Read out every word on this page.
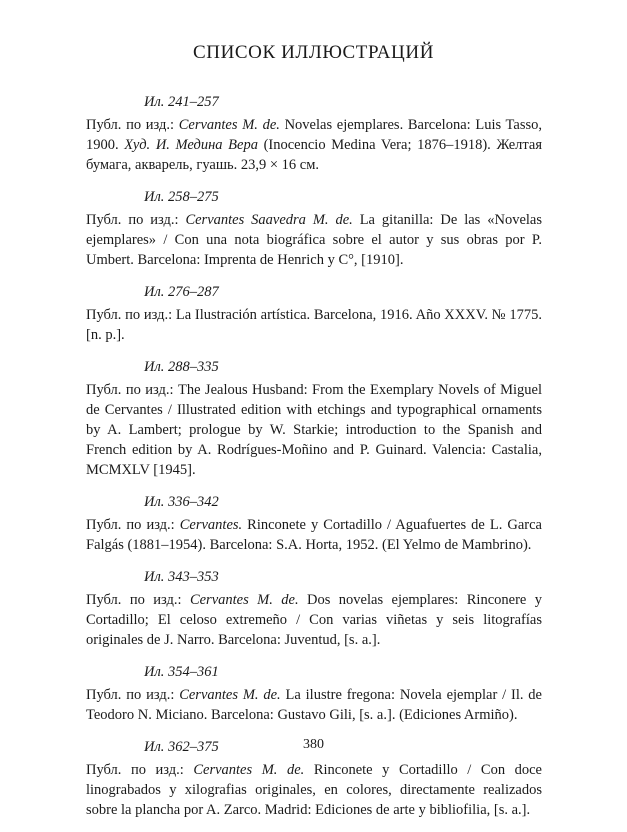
СПИСОК ИЛЛЮСТРАЦИЙ
Ил. 241–257
Публ. по изд.: Cervantes M. de. Novelas ejemplares. Barcelona: Luis Tasso, 1900. Худ. И. Медина Вера (Inocencio Medina Vera; 1876–1918). Желтая бумага, акварель, гуашь. 23,9 × 16 см.
Ил. 258–275
Публ. по изд.: Cervantes Saavedra M. de. La gitanilla: De las «Novelas ejemplares» / Con una nota biográfica sobre el autor y sus obras por P. Umbert. Barcelona: Imprenta de Henrich y C°, [1910].
Ил. 276–287
Публ. по изд.: La Ilustración artística. Barcelona, 1916. Año XXXV. № 1775. [n. p.].
Ил. 288–335
Публ. по изд.: The Jealous Husband: From the Exemplary Novels of Miguel de Cervantes / Illustrated edition with etchings and typographical ornaments by A. Lambert; prologue by W. Starkie; introduction to the Spanish and French edition by A. Rodrígues-Moñino and P. Guinard. Valencia: Castalia, MCMXLV [1945].
Ил. 336–342
Публ. по изд.: Cervantes. Rinconete y Cortadillo / Aguafuertes de L. Garca Falgás (1881–1954). Barcelona: S.A. Horta, 1952. (El Yelmo de Mambrino).
Ил. 343–353
Публ. по изд.: Cervantes M. de. Dos novelas ejemplares: Rinconere y Cortadillo; El celoso extremeño / Con varias viñetas y seis litografías originales de J. Narro. Barcelona: Juventud, [s. a.].
Ил. 354–361
Публ. по изд.: Cervantes M. de. La ilustre fregona: Novela ejemplar / Il. de Teodoro N. Miciano. Barcelona: Gustavo Gili, [s. a.]. (Ediciones Armiño).
Ил. 362–375
Публ. по изд.: Cervantes M. de. Rinconete y Cortadillo / Con doce linograbados y xilografias originales, en colores, directamente realizados sobre la plancha por A. Zarco. Madrid: Ediciones de arte y bibliofilia, [s. a.].
380
